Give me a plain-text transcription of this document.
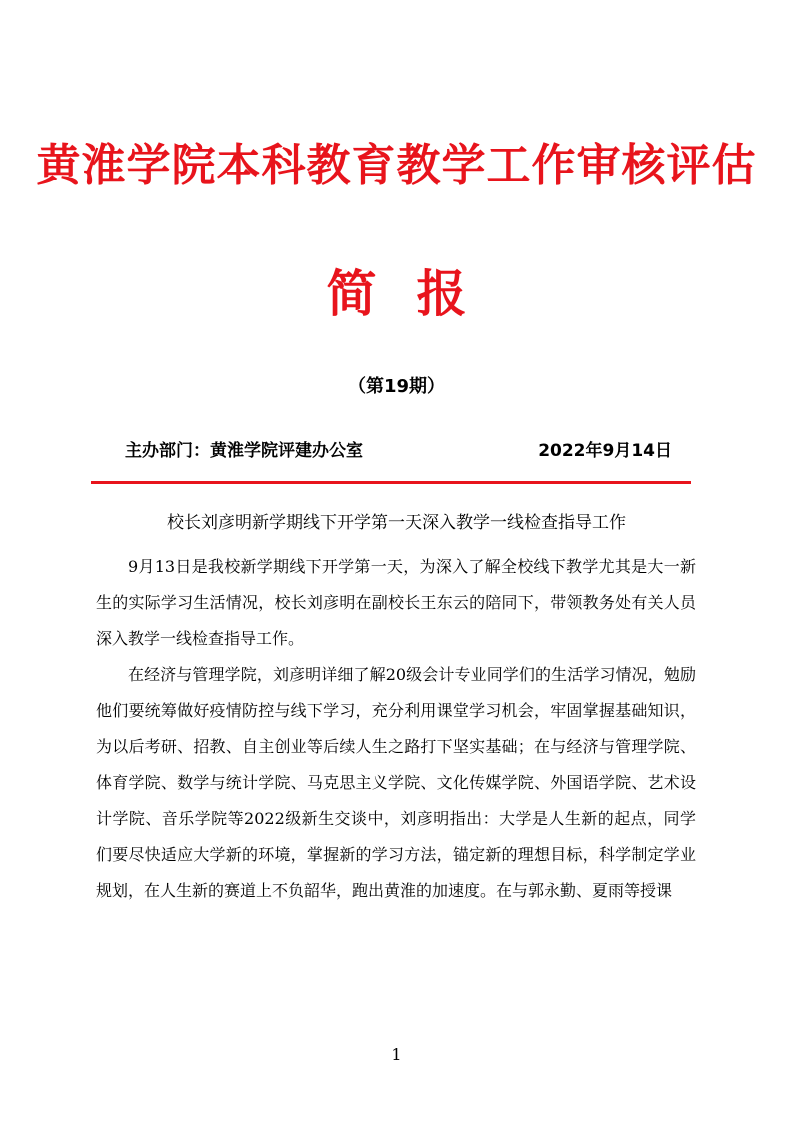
黄淮学院本科教育教学工作审核评估
简报
（第19期）
主办部门：黄淮学院评建办公室	2022年9月14日
校长刘彦明新学期线下开学第一天深入教学一线检查指导工作

9月13日是我校新学期线下开学第一天，为深入了解全校线下教学尤其是大一新生的实际学习生活情况，校长刘彦明在副校长王东云的陪同下，带领教务处有关人员深入教学一线检查指导工作。

在经济与管理学院，刘彦明详细了解20级会计专业同学们的生活学习情况，勉励他们要统筹做好疫情防控与线下学习，充分利用课堂学习机会，牢固掌握基础知识，为以后考研、招教、自主创业等后续人生之路打下坚实基础；在与经济与管理学院、体育学院、数学与统计学院、马克思主义学院、文化传媒学院、外国语学院、艺术设计学院、音乐学院等2022级新生交谈中，刘彦明指出：大学是人生新的起点，同学们要尽快适应大学新的环境，掌握新的学习方法，锚定新的理想目标，科学制定学业规划，在人生新的赛道上不负韶华，跑出黄淮的加速度。在与郭永勤、夏雨等授课

1
